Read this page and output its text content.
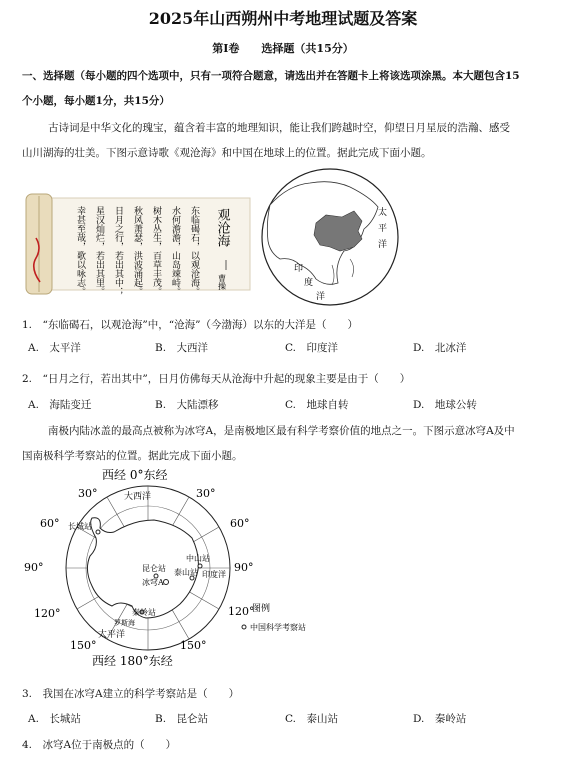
2025年山西朔州中考地理试题及答案
第Ⅰ卷　　选择题（共15分）
一、选择题（每小题的四个选项中，只有一项符合题意，请选出并在答题卡上将该选项涂黑。本大题包含15
个小题，每小题1分，共15分）
古诗词是中华文化的瑰宝，蕴含着丰富的地理知识，能让我们跨越时空，仰望日月星辰的浩瀚、感受
山川湖海的壮美。下图示意诗歌《观沧海》和中国在地球上的位置。据此完成下面小题。
东临碣石，以观沧海。
水何澹澹，山岛竦峙。
树木丛生，百草丰茂。
秋风萧瑟，洪波涌起。
日月之行，若出其中；
星汉灿烂，若出其里。
幸甚至哉，歌以咏志。	观沧海
曹操
太
平
洋
印
度
洋
1.　“东临碣石，以观沧海”中，“沧海”（今渤海）以东的大洋是（　　）
A.　太平洋	B.　大西洋	C.　印度洋	D.　北冰洋
2.　“日月之行，若出其中”，日月仿佛每天从沧海中升起的现象主要是由于（　　）
A.　海陆变迁	B.　大陆漂移	C.　地球自转	D.　地球公转
南极内陆冰盖的最高点被称为冰穹A，是南极地区最有科学考察价值的地点之一。下图示意冰穹A及中
国南极科学考察站的位置。据此完成下面小题。
西经 0°东经
西经 180°东经
30°	30°
60°	60°
90°	90°
120°	120°
150°	150°
大西洋
太平洋
印度洋
长城站
昆仑站 泰山站
中山站
秦岭站
冰穹A
罗斯海
图例
中国科学考察站
3.　我国在冰穹A建立的科学考察站是（　　）
A.　长城站	B.　昆仑站	C.　泰山站	D.　秦岭站
4.　冰穹A位于南极点的（　　）
